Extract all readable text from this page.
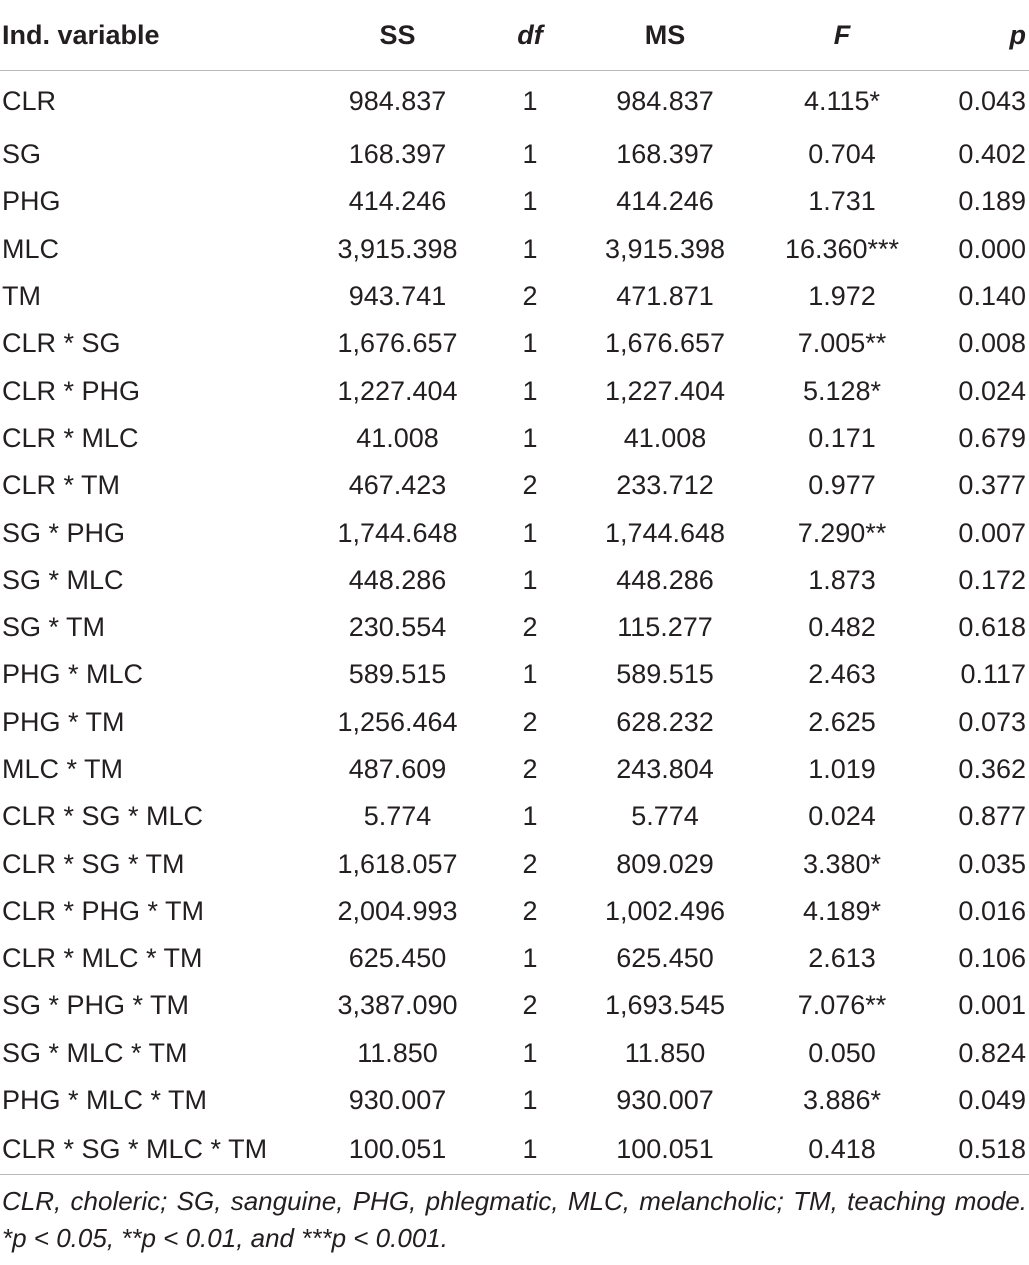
Ind. variable	SS	df	MS	F	p
CLR	984.837	1	984.837	4.115*	0.043
SG	168.397	1	168.397	0.704	0.402
PHG	414.246	1	414.246	1.731	0.189
MLC	3,915.398	1	3,915.398	16.360***	0.000
TM	943.741	2	471.871	1.972	0.140
CLR * SG	1,676.657	1	1,676.657	7.005**	0.008
CLR * PHG	1,227.404	1	1,227.404	5.128*	0.024
CLR * MLC	41.008	1	41.008	0.171	0.679
CLR * TM	467.423	2	233.712	0.977	0.377
SG * PHG	1,744.648	1	1,744.648	7.290**	0.007
SG * MLC	448.286	1	448.286	1.873	0.172
SG * TM	230.554	2	115.277	0.482	0.618
PHG * MLC	589.515	1	589.515	2.463	0.117
PHG * TM	1,256.464	2	628.232	2.625	0.073
MLC * TM	487.609	2	243.804	1.019	0.362
CLR * SG * MLC	5.774	1	5.774	0.024	0.877
CLR * SG * TM	1,618.057	2	809.029	3.380*	0.035
CLR * PHG * TM	2,004.993	2	1,002.496	4.189*	0.016
CLR * MLC * TM	625.450	1	625.450	2.613	0.106
SG * PHG * TM	3,387.090	2	1,693.545	7.076**	0.001
SG * MLC * TM	11.850	1	11.850	0.050	0.824
PHG * MLC * TM	930.007	1	930.007	3.886*	0.049
CLR * SG * MLC * TM	100.051	1	100.051	0.418	0.518
CLR, choleric; SG, sanguine, PHG, phlegmatic, MLC, melancholic; TM, teaching mode. *p < 0.05, **p < 0.01, and ***p < 0.001.
